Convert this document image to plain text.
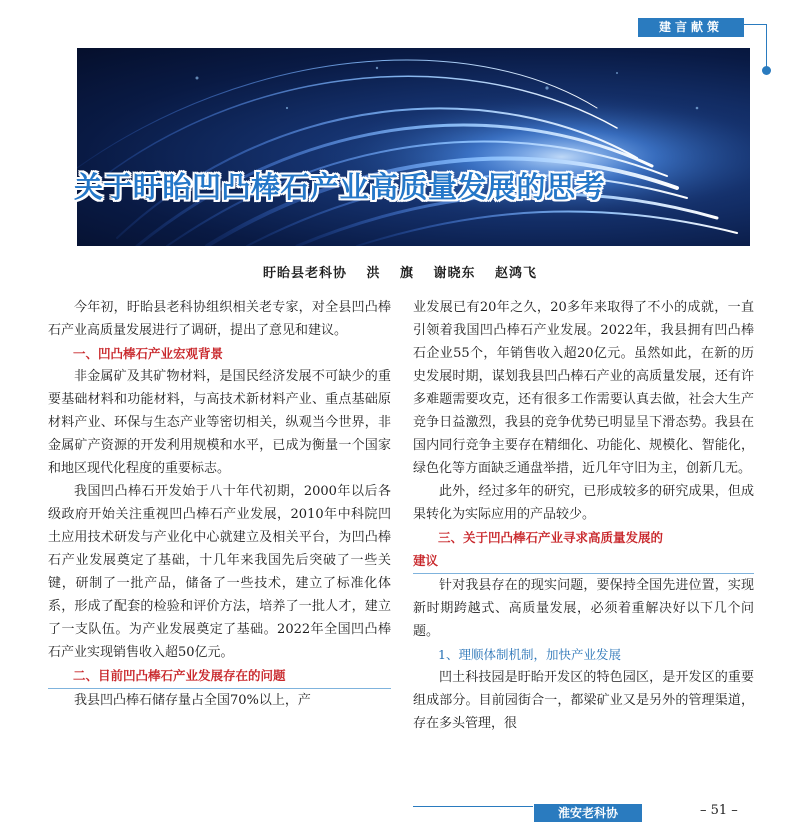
建言献策
关于盱眙凹凸棒石产业高质量发展的思考
盱眙县老科协 洪 旗 谢晓东 赵鸿飞

今年初，盱眙县老科协组织相关老专家，对全县凹凸棒石产业高质量发展进行了调研，提出了意见和建议。

一、凹凸棒石产业宏观背景

非金属矿及其矿物材料，是国民经济发展不可缺少的重要基础材料和功能材料，与高技术新材料产业、重点基础原材料产业、环保与生态产业等密切相关，纵观当今世界，非金属矿产资源的开发利用规模和水平，已成为衡量一个国家和地区现代化程度的重要标志。

我国凹凸棒石开发始于八十年代初期，2000年以后各级政府开始关注重视凹凸棒石产业发展，2010年中科院凹土应用技术研发与产业化中心就建立及相关平台，为凹凸棒石产业发展奠定了基础，十几年来我国先后突破了一些关键，研制了一批产品，储备了一些技术，建立了标准化体系，形成了配套的检验和评价方法，培养了一批人才，建立了一支队伍。为产业发展奠定了基础。2022年全国凹凸棒石产业实现销售收入超50亿元。

二、目前凹凸棒石产业发展存在的问题

我县凹凸棒石储存量占全国70%以上，产

业发展已有20年之久，20多年来取得了不小的成就，一直引领着我国凹凸棒石产业发展。2022年，我县拥有凹凸棒石企业55个，年销售收入超20亿元。虽然如此，在新的历史发展时期，谋划我县凹凸棒石产业的高质量发展，还有许多难题需要攻克，还有很多工作需要认真去做，社会大生产竞争日益激烈，我县的竞争优势已明显呈下滑态势。我县在国内同行竞争主要存在精细化、功能化、规模化、智能化，绿色化等方面缺乏通盘举措，近几年守旧为主，创新几无。

此外，经过多年的研究，已形成较多的研究成果，但成果转化为实际应用的产品较少。

三、关于凹凸棒石产业寻求高质量发展的

建议

针对我县存在的现实问题，要保持全国先进位置，实现新时期跨越式、高质量发展，必须着重解决好以下几个问题。

1、理顺体制机制，加快产业发展

凹土科技园是盱眙开发区的特色园区，是开发区的重要组成部分。目前园街合一，都梁矿业又是另外的管理渠道，存在多头管理，很

淮安老科协 2023.3
– 51 –
